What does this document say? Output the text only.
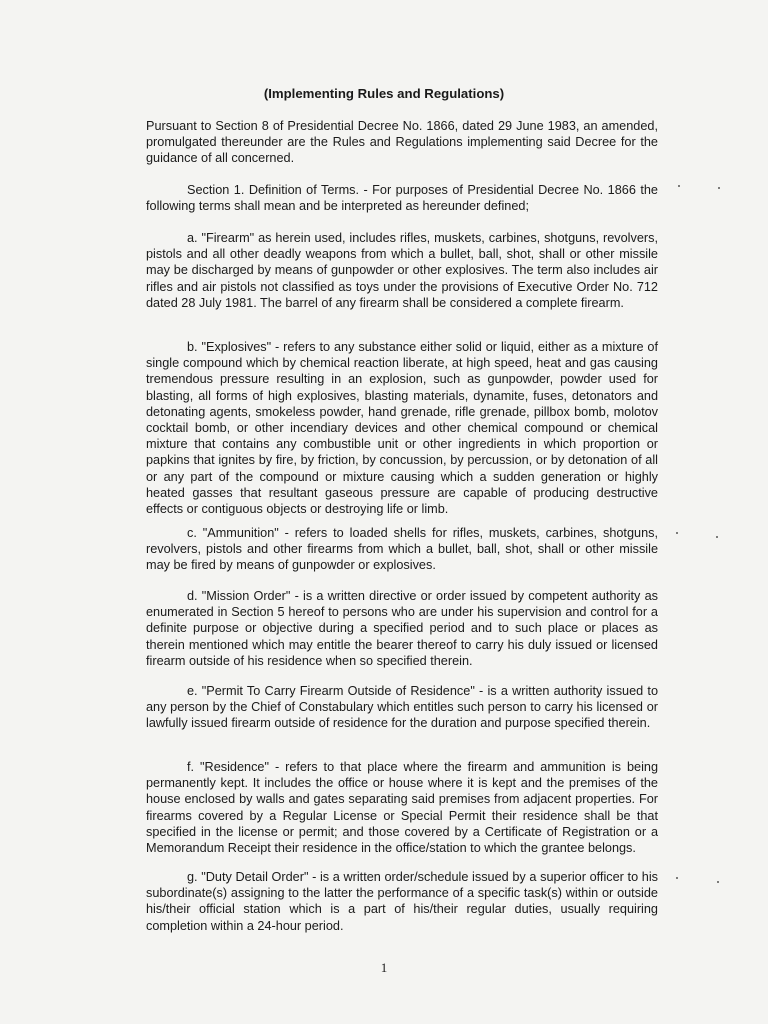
(Implementing Rules and Regulations)

Pursuant to Section 8 of Presidential Decree No. 1866, dated 29 June 1983, an amended, promulgated thereunder are the Rules and Regulations implementing said Decree for the guidance of all concerned.

Section 1. Definition of Terms. - For purposes of Presidential Decree No. 1866 the following terms shall mean and be interpreted as hereunder defined;

a. "Firearm" as herein used, includes rifles, muskets, carbines, shotguns, revolvers, pistols and all other deadly weapons from which a bullet, ball, shot, shall or other missile may be discharged by means of gunpowder or other explosives. The term also includes air rifles and air pistols not classified as toys under the provisions of Executive Order No. 712 dated 28 July 1981. The barrel of any firearm shall be considered a complete firearm.

b. "Explosives" - refers to any substance either solid or liquid, either as a mixture of single compound which by chemical reaction liberate, at high speed, heat and gas causing tremendous pressure resulting in an explosion, such as gunpowder, powder used for blasting, all forms of high explosives, blasting materials, dynamite, fuses, detonators and detonating agents, smokeless powder, hand grenade, rifle grenade, pillbox bomb, molotov cocktail bomb, or other incendiary devices and other chemical compound or chemical mixture that contains any combustible unit or other ingredients in which proportion or papkins that ignites by fire, by friction, by concussion, by percussion, or by detonation of all or any part of the compound or mixture causing which a sudden generation or highly heated gasses that resultant gaseous pressure are capable of producing destructive effects or contiguous objects or destroying life or limb.

c. "Ammunition" - refers to loaded shells for rifles, muskets, carbines, shotguns, revolvers, pistols and other firearms from which a bullet, ball, shot, shall or other missile may be fired by means of gunpowder or explosives.

d. "Mission Order" - is a written directive or order issued by competent authority as enumerated in Section 5 hereof to persons who are under his supervision and control for a definite purpose or objective during a specified period and to such place or places as therein mentioned which may entitle the bearer thereof to carry his duly issued or licensed firearm outside of his residence when so specified therein.

e. "Permit To Carry Firearm Outside of Residence" - is a written authority issued to any person by the Chief of Constabulary which entitles such person to carry his licensed or lawfully issued firearm outside of residence for the duration and purpose specified therein.

f. "Residence" - refers to that place where the firearm and ammunition is being permanently kept. It includes the office or house where it is kept and the premises of the house enclosed by walls and gates separating said premises from adjacent properties. For firearms covered by a Regular License or Special Permit their residence shall be that specified in the license or permit; and those covered by a Certificate of Registration or a Memorandum Receipt their residence in the office/station to which the grantee belongs.

g. "Duty Detail Order" - is a written order/schedule issued by a superior officer to his subordinate(s) assigning to the latter the performance of a specific task(s) within or outside his/their official station which is a part of his/their regular duties, usually requiring completion within a 24-hour period.

1
